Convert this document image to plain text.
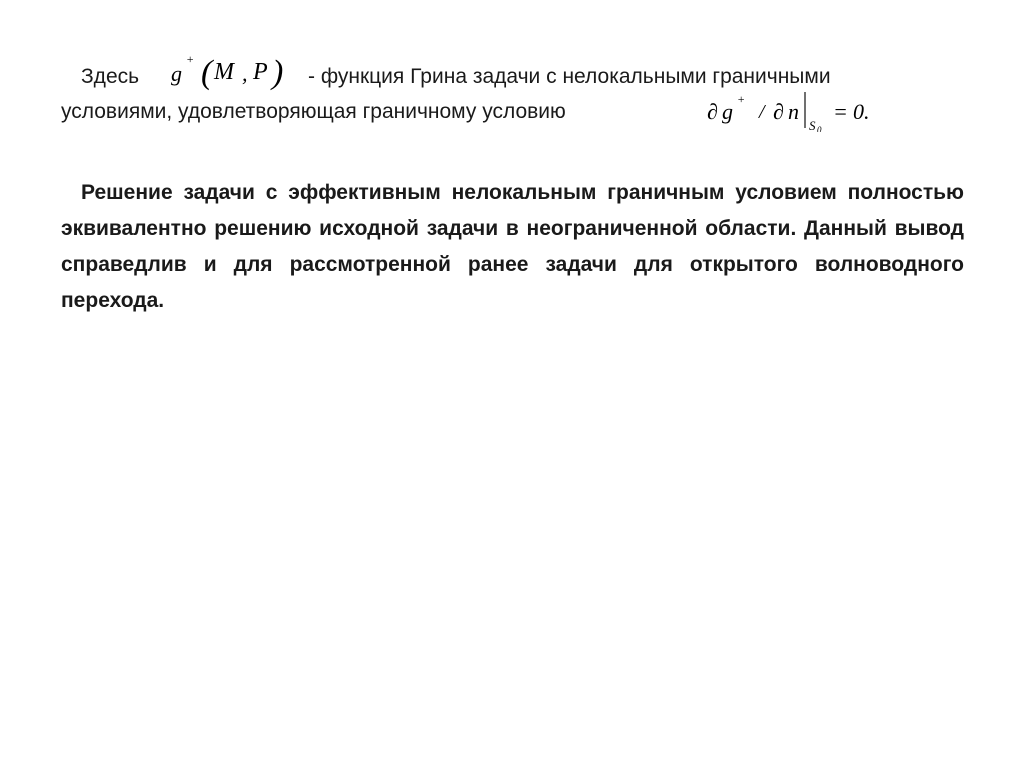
Здесь g
+ ( M , P ) - функция Грина задачи с нелокальными граничными
условиями, удовлетворяющая граничному условию	∂ g +
/ ∂ n
S 0
= 0.
Решение задачи с эффективным нелокальным граничным условием полностью эквивалентно решению исходной задачи в неограниченной области. Данный вывод справедлив и для рассмотренной ранее задачи для открытого волноводного перехода.
